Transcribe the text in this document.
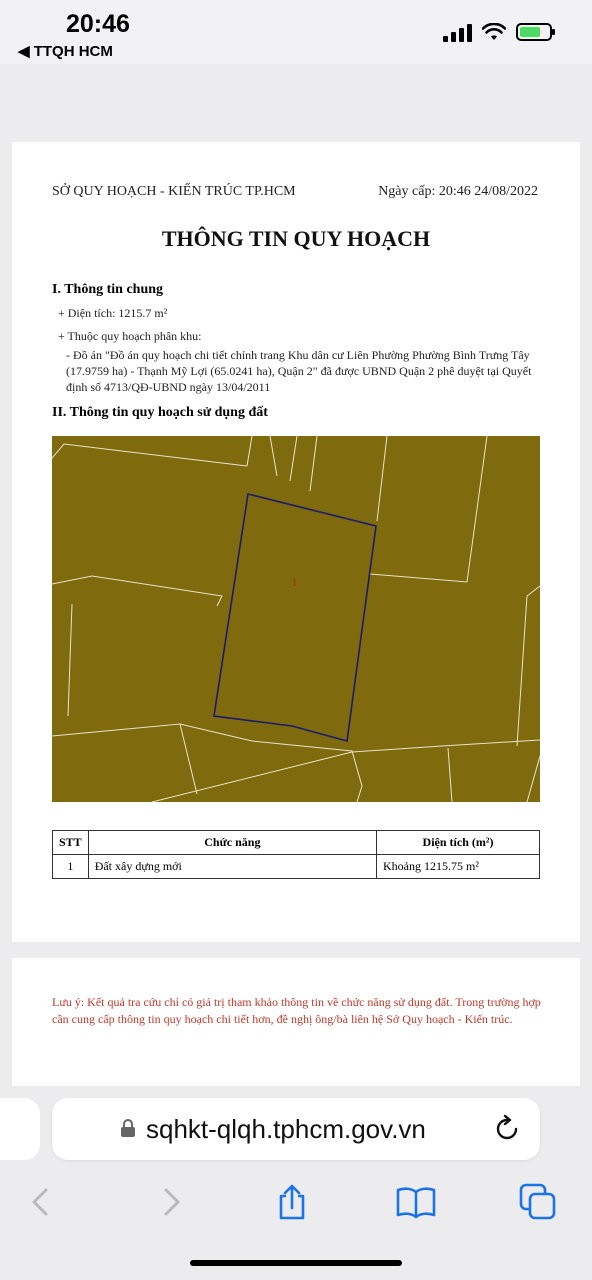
20:46
◀ TTQH HCM
SỞ QUY HOẠCH - KIẾN TRÚC TP.HCM	Ngày cấp: 20:46 24/08/2022
THÔNG TIN QUY HOẠCH
I. Thông tin chung
+ Diện tích: 1215.7 m²
+ Thuộc quy hoạch phân khu:
- Đồ án "Đồ án quy hoạch chi tiết chỉnh trang Khu dân cư Liên Phường Phường Bình Trưng Tây (17.9759 ha) - Thạnh Mỹ Lợi (65.0241 ha), Quận 2" đã được UBND Quận 2 phê duyệt tại Quyết định số 4713/QĐ-UBND ngày 13/04/2011
II. Thông tin quy hoạch sử dụng đất
1
STT	Chức năng	Diện tích (m²)
1	Đất xây dựng mới	Khoảng 1215.75 m²

Lưu ý: Kết quả tra cứu chỉ có giá trị tham khảo thông tin về chức năng sử dụng đất. Trong trường hợp cần cung cấp thông tin quy hoạch chi tiết hơn, đề nghị ông/bà liên hệ Sở Quy hoạch - Kiến trúc.

sqhkt-qlqh.tphcm.gov.vn
